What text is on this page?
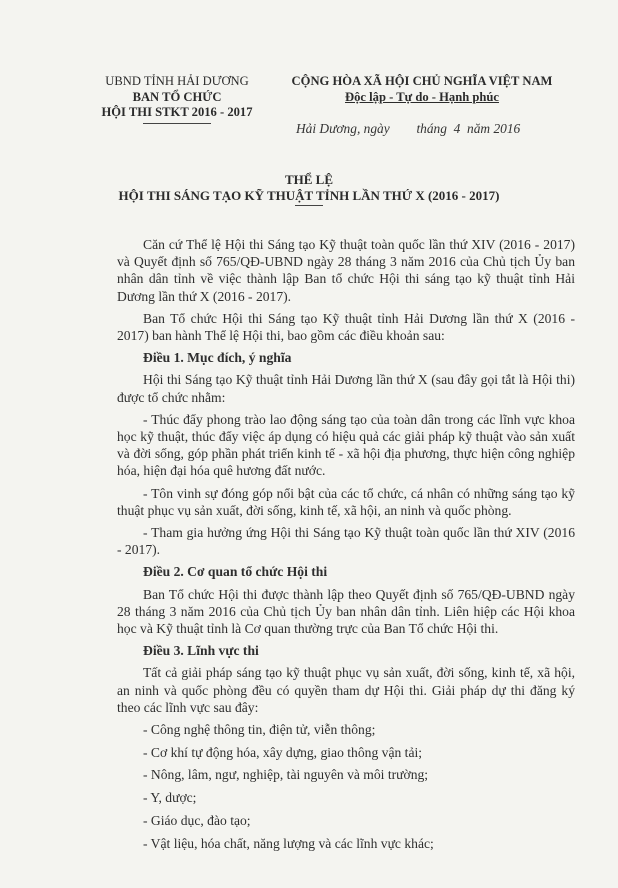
UBND TỈNH HẢI DƯƠNG
BAN TỔ CHỨC
HỘI THI STKT 2016 - 2017
CỘNG HÒA XÃ HỘI CHỦ NGHĨA VIỆT NAM
Độc lập - Tự do - Hạnh phúc
Hải Dương, ngày        tháng  4  năm 2016
THỂ LỆ
HỘI THI SÁNG TẠO KỸ THUẬT TỈNH LẦN THỨ X (2016 - 2017)

Căn cứ Thể lệ Hội thi Sáng tạo Kỹ thuật toàn quốc lần thứ XIV (2016 - 2017) và Quyết định số 765/QĐ-UBND ngày 28 tháng 3 năm 2016 của Chủ tịch Ủy ban nhân dân tỉnh về việc thành lập Ban tổ chức Hội thi sáng tạo kỹ thuật tỉnh Hải Dương lần thứ X (2016 - 2017).

Ban Tổ chức Hội thi Sáng tạo Kỹ thuật tỉnh Hải Dương lần thứ X (2016 - 2017) ban hành Thể lệ Hội thi, bao gồm các điều khoản sau:

Điều 1. Mục đích, ý nghĩa

Hội thi Sáng tạo Kỹ thuật tỉnh Hải Dương lần thứ X (sau đây gọi tắt là Hội thi) được tổ chức nhằm:

- Thúc đẩy phong trào lao động sáng tạo của toàn dân trong các lĩnh vực khoa học kỹ thuật, thúc đẩy việc áp dụng có hiệu quả các giải pháp kỹ thuật vào sản xuất và đời sống, góp phần phát triển kinh tế - xã hội địa phương, thực hiện công nghiệp hóa, hiện đại hóa quê hương đất nước.

- Tôn vinh sự đóng góp nổi bật của các tổ chức, cá nhân có những sáng tạo kỹ thuật phục vụ sản xuất, đời sống, kinh tế, xã hội, an ninh và quốc phòng.

- Tham gia hưởng ứng Hội thi Sáng tạo Kỹ thuật toàn quốc lần thứ XIV (2016 - 2017).

Điều 2. Cơ quan tổ chức Hội thi

Ban Tổ chức Hội thi được thành lập theo Quyết định số 765/QĐ-UBND ngày 28 tháng 3 năm 2016 của Chủ tịch Ủy ban nhân dân tỉnh. Liên hiệp các Hội khoa học và Kỹ thuật tỉnh là Cơ quan thường trực của Ban Tổ chức Hội thi.

Điều 3. Lĩnh vực thi

Tất cả giải pháp sáng tạo kỹ thuật phục vụ sản xuất, đời sống, kinh tế, xã hội, an ninh và quốc phòng đều có quyền tham dự Hội thi. Giải pháp dự thi đăng ký theo các lĩnh vực sau đây:

- Công nghệ thông tin, điện tử, viễn thông;

- Cơ khí tự động hóa, xây dựng, giao thông vận tải;

- Nông, lâm, ngư, nghiệp, tài nguyên và môi trường;

- Y, dược;

- Giáo dục, đào tạo;

- Vật liệu, hóa chất, năng lượng và các lĩnh vực khác;
